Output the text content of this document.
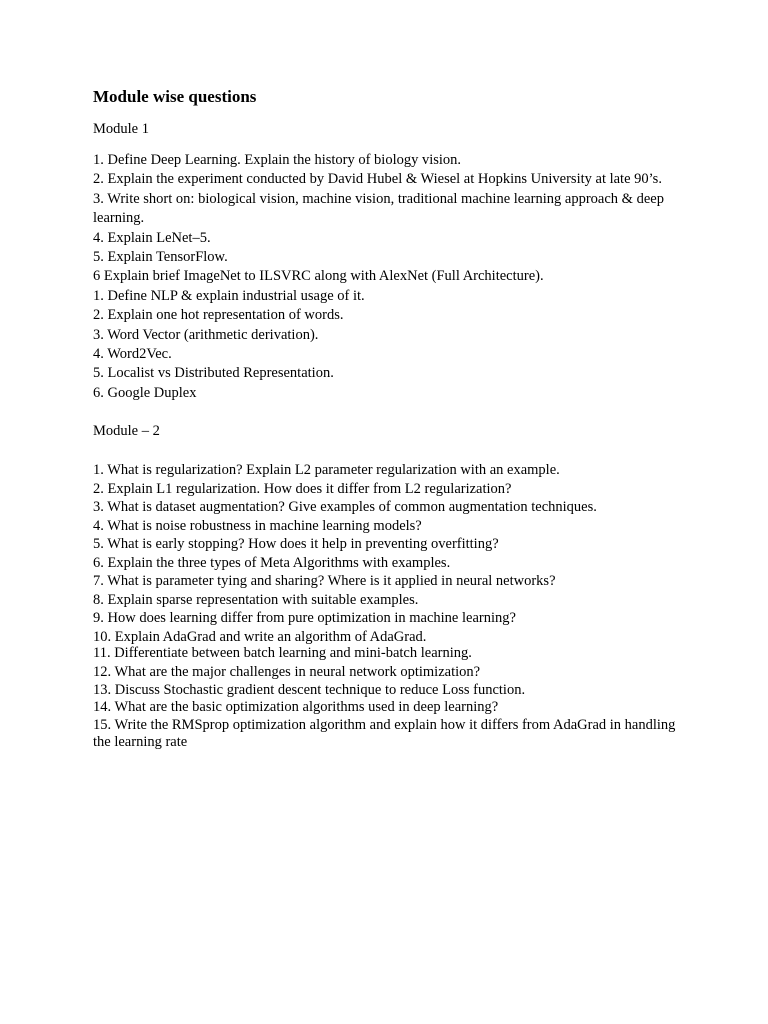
Module wise questions

Module 1

1. Define Deep Learning. Explain the history of biology vision.
2. Explain the experiment conducted by David Hubel & Wiesel at Hopkins University at late 90’s.
3. Write short on: biological vision, machine vision, traditional machine learning approach & deep learning.
4. Explain LeNet–5.
5. Explain TensorFlow.
6 Explain brief ImageNet to ILSVRC along with AlexNet (Full Architecture).
1. Define NLP & explain industrial usage of it.
2. Explain one hot representation of words.
3. Word Vector (arithmetic derivation).
4. Word2Vec.
5. Localist vs Distributed Representation.
6. Google Duplex

Module – 2

1. What is regularization? Explain L2 parameter regularization with an example.
2. Explain L1 regularization. How does it differ from L2 regularization?
3. What is dataset augmentation? Give examples of common augmentation techniques.
4. What is noise robustness in machine learning models?
5. What is early stopping? How does it help in preventing overfitting?
6. Explain the three types of Meta Algorithms with examples.
7. What is parameter tying and sharing? Where is it applied in neural networks?
8. Explain sparse representation with suitable examples.
9. How does learning differ from pure optimization in machine learning?
10. Explain AdaGrad and write an algorithm of AdaGrad.
11. Differentiate between batch learning and mini-batch learning.
12. What are the major challenges in neural network optimization?
13. Discuss Stochastic gradient descent technique to reduce Loss function.
14. What are the basic optimization algorithms used in deep learning?
15. Write the RMSprop optimization algorithm and explain how it differs from AdaGrad in handling the learning rate
